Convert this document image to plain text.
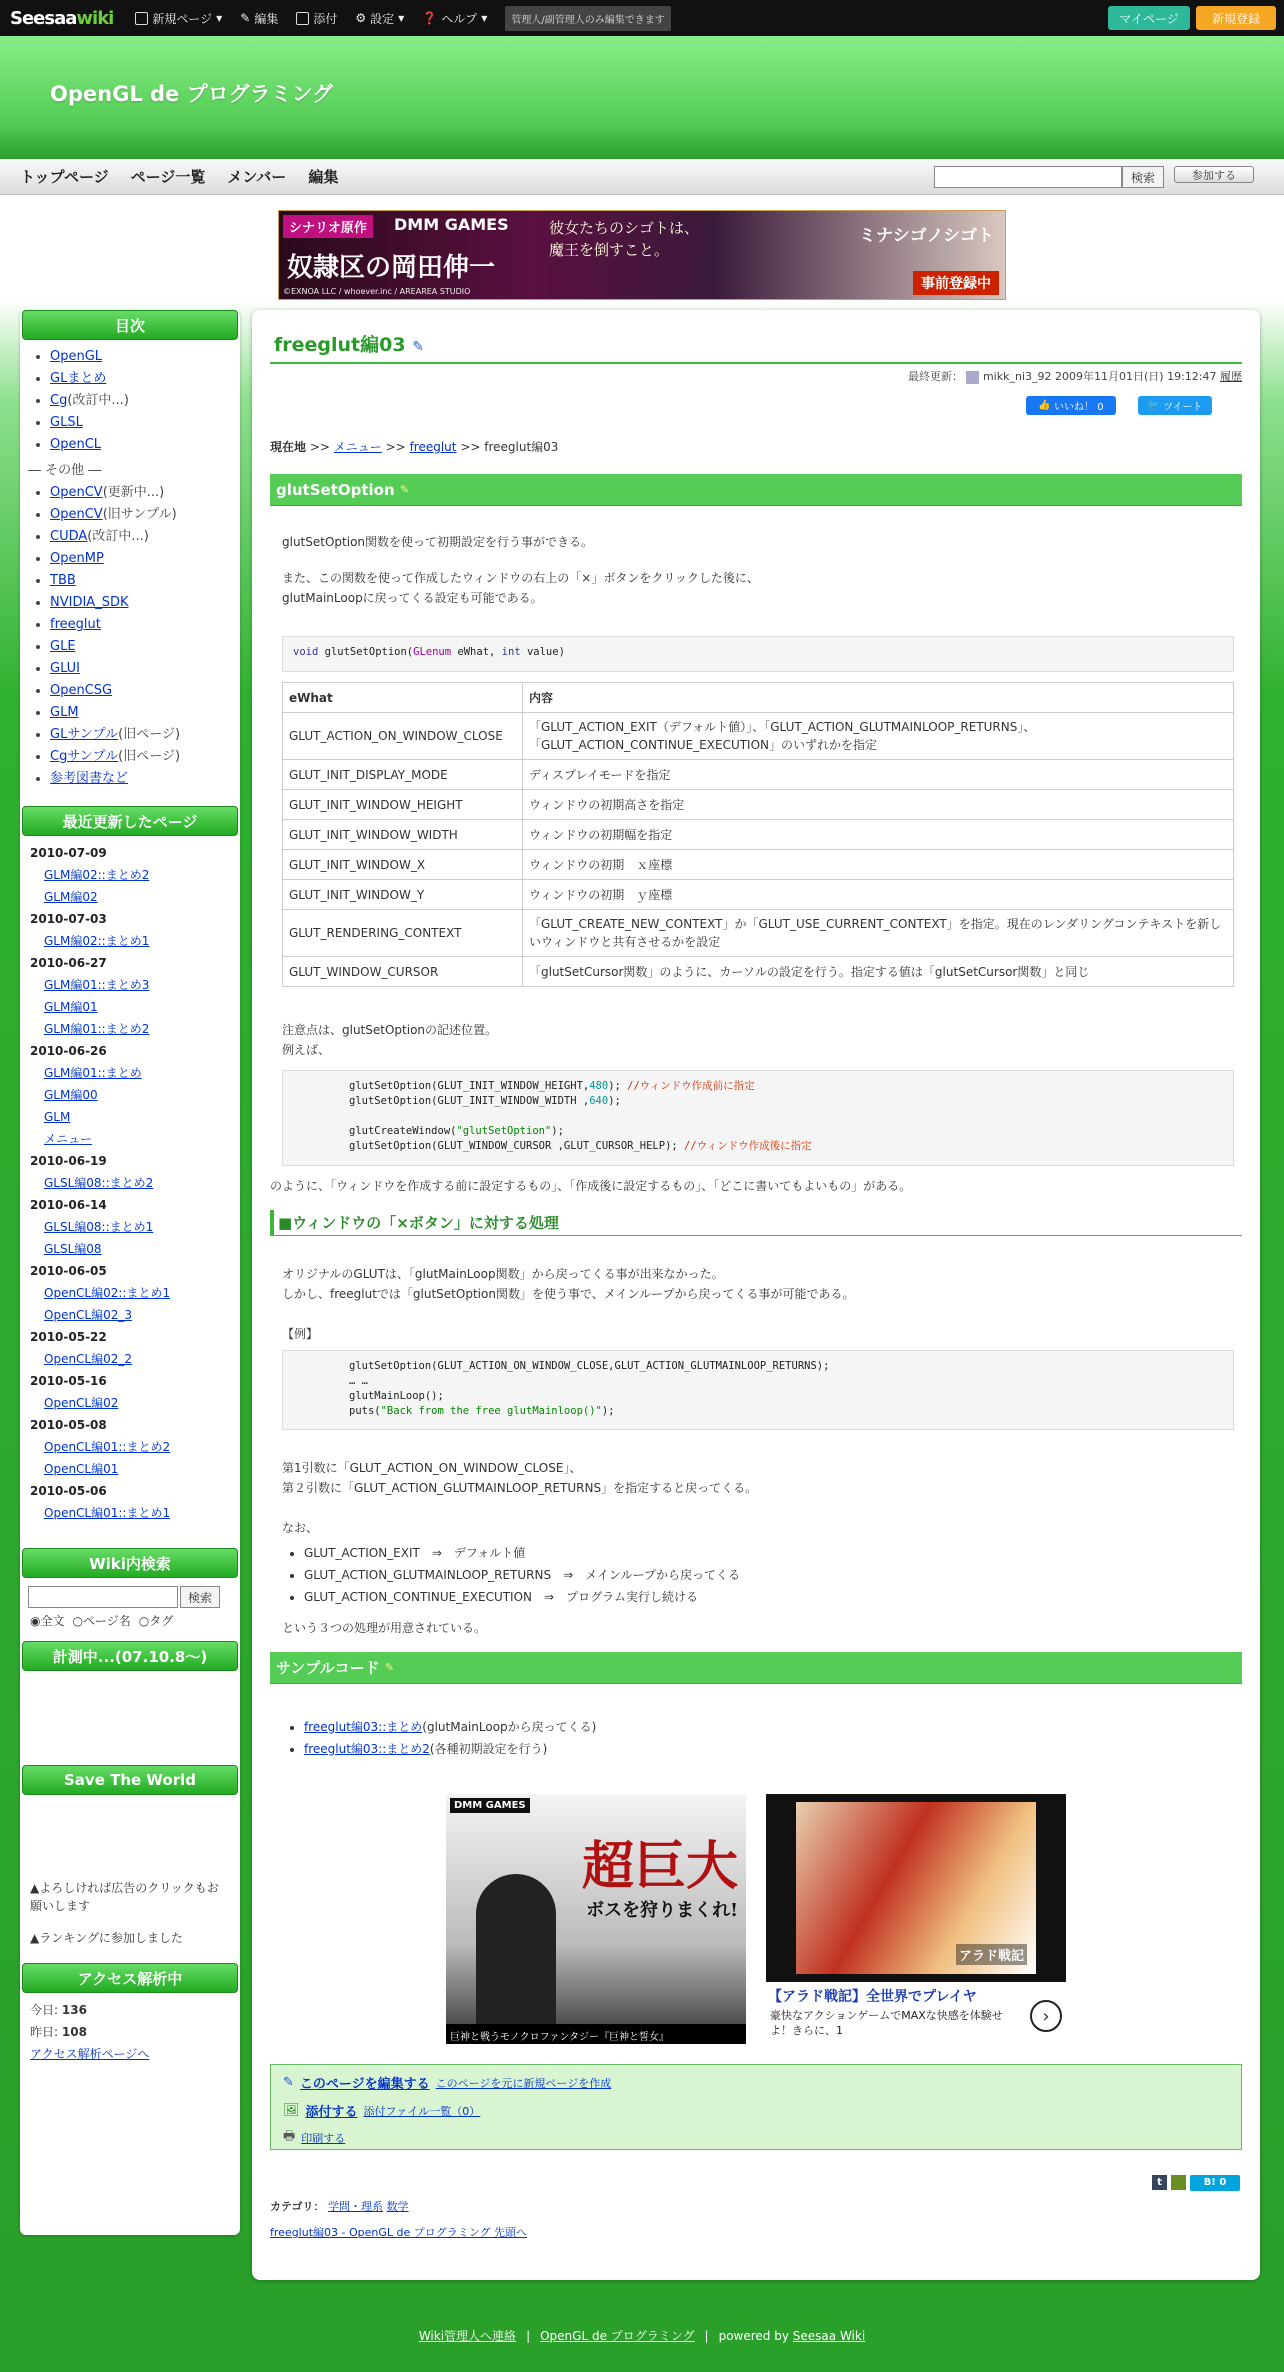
Seesaawiki	新規ページ ▼ ✎ 編集	添付 ⚙ 設定 ▼ ❓ ヘルプ ▼	管理人/副管理人のみ編集できます	マイページ	新規登録
OpenGL de プログラミング
トップページ ページ一覧 メンバー 編集	検索	参加する
シナリオ原作	DMM GAMES
奴隷区の岡田伸一
彼女たちのシゴトは、
魔王を倒すこと。
ミナシゴノシゴト
事前登録中
©EXNOA LLC / whoever.inc / AREAREA STUDIO
目次
• OpenGL
• GLまとめ
• Cg(改訂中...)
• GLSL
• OpenCL
― その他 ―
• OpenCV(更新中...)
• OpenCV(旧サンプル)
• CUDA(改訂中...)
• OpenMP
• TBB
• NVIDIA_SDK
• freeglut
• GLE
• GLUI
• OpenCSG
• GLM
• GLサンプル(旧ページ)
• Cgサンプル(旧ページ)
• 参考図書など
最近更新したページ
2010-07-09
GLM編02::まとめ2
GLM編02
2010-07-03
GLM編02::まとめ1
2010-06-27
GLM編01::まとめ3
GLM編01
GLM編01::まとめ2
2010-06-26
GLM編01::まとめ
GLM編00
GLM
メニュー
2010-06-19
GLSL編08::まとめ2
2010-06-14
GLSL編08::まとめ1
GLSL編08
2010-06-05
OpenCL編02::まとめ1
OpenCL編02_3
2010-05-22
OpenCL編02_2
2010-05-16
OpenCL編02
2010-05-08
OpenCL編01::まとめ2
OpenCL編01
2010-05-06
OpenCL編01::まとめ1
Wiki内検索
検索
◉全文 ○ページ名 ○タグ
計測中...(07.10.8～)
Save The World
▲よろしければ広告のクリックもお願いします
▲ランキングに参加しました
アクセス解析中
今日: 136
昨日: 108
アクセス解析ページへ
freeglut編03 ✎
最終更新： mikk_ni3_92 2009年11月01日(日) 19:12:47 履歴
👍
いいね！ 0	🐦
ツイート
現在地 >> メニュー >> freeglut >> freeglut編03
glutSetOption
✎
glutSetOption関数を使って初期設定を行う事ができる。
また、この関数を使って作成したウィンドウの右上の「×」ボタンをクリックした後に、
glutMainLoopに戻ってくる設定も可能である。
void glutSetOption(GLenum eWhat, int value)
eWhat	内容
GLUT_ACTION_ON_WINDOW_CLOSE	「GLUT_ACTION_EXIT（デフォルト値）」、「GLUT_ACTION_GLUTMAINLOOP_RETURNS」、「GLUT_ACTION_CONTINUE_EXECUTION」のいずれかを指定
GLUT_INIT_DISPLAY_MODE	ディスプレイモードを指定
GLUT_INIT_WINDOW_HEIGHT	ウィンドウの初期高さを指定
GLUT_INIT_WINDOW_WIDTH	ウィンドウの初期幅を指定
GLUT_INIT_WINDOW_X	ウィンドウの初期　ｘ座標
GLUT_INIT_WINDOW_Y	ウィンドウの初期　ｙ座標
GLUT_RENDERING_CONTEXT	「GLUT_CREATE_NEW_CONTEXT」か「GLUT_USE_CURRENT_CONTEXT」を指定。現在のレンダリングコンテキストを新しいウィンドウと共有させるかを設定
GLUT_WINDOW_CURSOR	「glutSetCursor関数」のように、カーソルの設定を行う。指定する値は「glutSetCursor関数」と同じ
注意点は、glutSetOptionの記述位置。
例えば、
glutSetOption(GLUT_INIT_WINDOW_HEIGHT,480); //ウィンドウ作成前に指定
glutSetOption(GLUT_INIT_WINDOW_WIDTH ,640);

glutCreateWindow("glutSetOption");
glutSetOption(GLUT_WINDOW_CURSOR ,GLUT_CURSOR_HELP); //ウィンドウ作成後に指定
のように、「ウィンドウを作成する前に設定するもの」、「作成後に設定するもの」、「どこに書いてもよいもの」がある。
■ウィンドウの「×ボタン」に対する処理
オリジナルのGLUTは、「glutMainLoop関数」から戻ってくる事が出来なかった。
しかし、freeglutでは「glutSetOption関数」を使う事で、メインループから戻ってくる事が可能である。
【例】
glutSetOption(GLUT_ACTION_ON_WINDOW_CLOSE,GLUT_ACTION_GLUTMAINLOOP_RETURNS);
… …
glutMainLoop();
puts("Back from the free glutMainloop()");
第1引数に「GLUT_ACTION_ON_WINDOW_CLOSE」、
第２引数に「GLUT_ACTION_GLUTMAINLOOP_RETURNS」を指定すると戻ってくる。
なお、
• GLUT_ACTION_EXIT　⇒　デフォルト値
• GLUT_ACTION_GLUTMAINLOOP_RETURNS　⇒　メインループから戻ってくる
• GLUT_ACTION_CONTINUE_EXECUTION　⇒　プログラム実行し続ける
という３つの処理が用意されている。
サンプルコード
✎
• freeglut編03::まとめ(glutMainLoopから戻ってくる)
• freeglut編03::まとめ2(各種初期設定を行う)
DMM GAMES
超巨大
ボスを狩りまくれ!
巨神と戦うモノクロファンタジー『巨神と誓女』
アラド戦記
【アラド戦記】全世界でプレイヤ
豪快なアクションゲームでMAXな快感を体験せよ！きらに、1
›
✎ このページを編集する このページを元に新規ページを作成
🖼 添付する 添付ファイル一覧（0）
🖶 印刷する
t	B! 0
カテゴリ： 学問・理系 数学
freeglut編03 - OpenGL de プログラミング 先頭へ
Wiki管理人へ連絡 | OpenGL de プログラミング | powered by Seesaa Wiki
